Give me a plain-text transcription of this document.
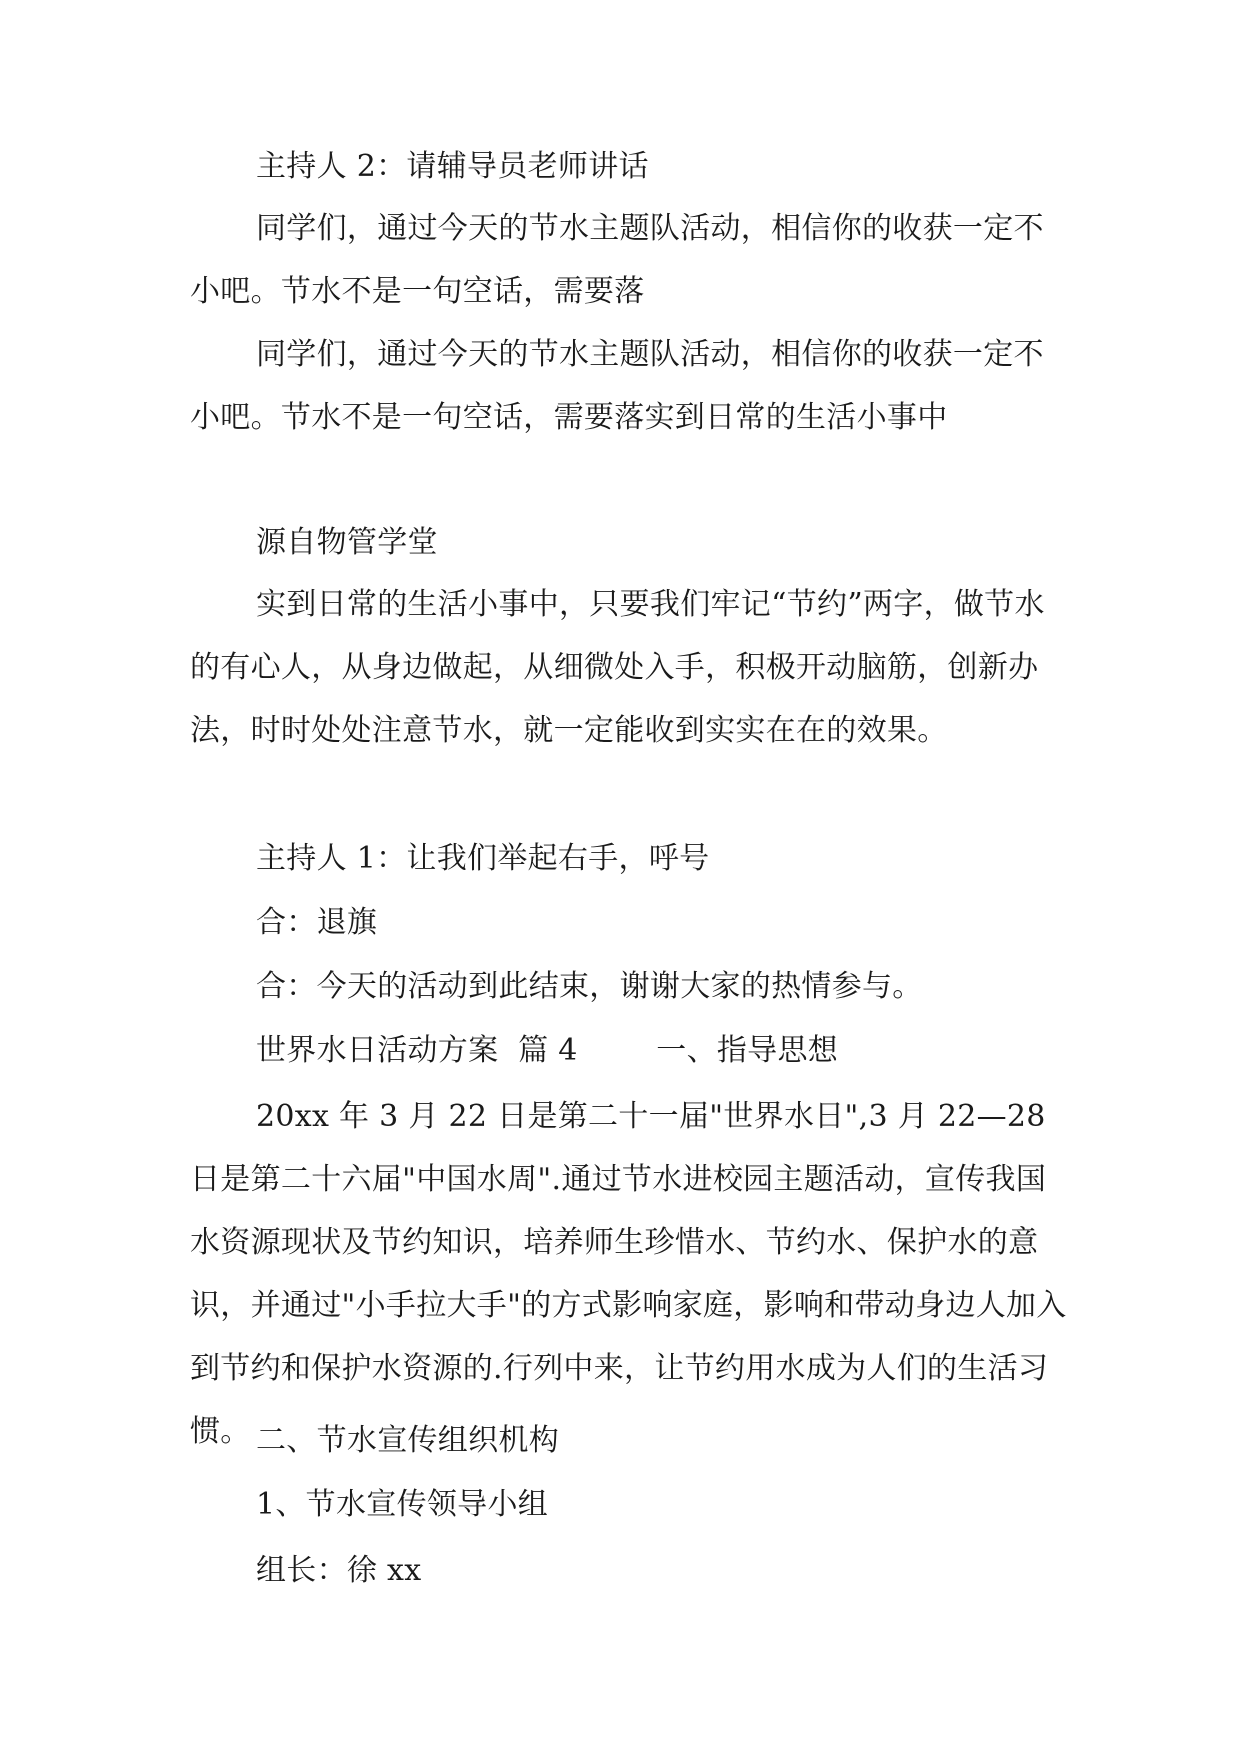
主持人 2：请辅导员老师讲话

同学们，通过今天的节水主题队活动，相信你的收获一定不小吧。节水不是一句空话，需要落

同学们，通过今天的节水主题队活动，相信你的收获一定不小吧。节水不是一句空话，需要落实到日常的生活小事中

源自物管学堂

实到日常的生活小事中，只要我们牢记“节约”两字，做节水的有心人，从身边做起，从细微处入手，积极开动脑筋，创新办法，时时处处注意节水，就一定能收到实实在在的效果。

主持人 1：让我们举起右手，呼号

合：退旗

合：今天的活动到此结束，谢谢大家的热情参与。

世界水日活动方案  篇 4        一、指导思想

20xx 年 3 月 22 日是第二十一届"世界水日",3 月 22—28 日是第二十六届"中国水周".通过节水进校园主题活动，宣传我国水资源现状及节约知识，培养师生珍惜水、节约水、保护水的意识，并通过"小手拉大手"的方式影响家庭，影响和带动身边人加入到节约和保护水资源的.行列中来，让节约用水成为人们的生活习惯。 二、节水宣传组织机构

1、节水宣传领导小组

组长：徐 xx
